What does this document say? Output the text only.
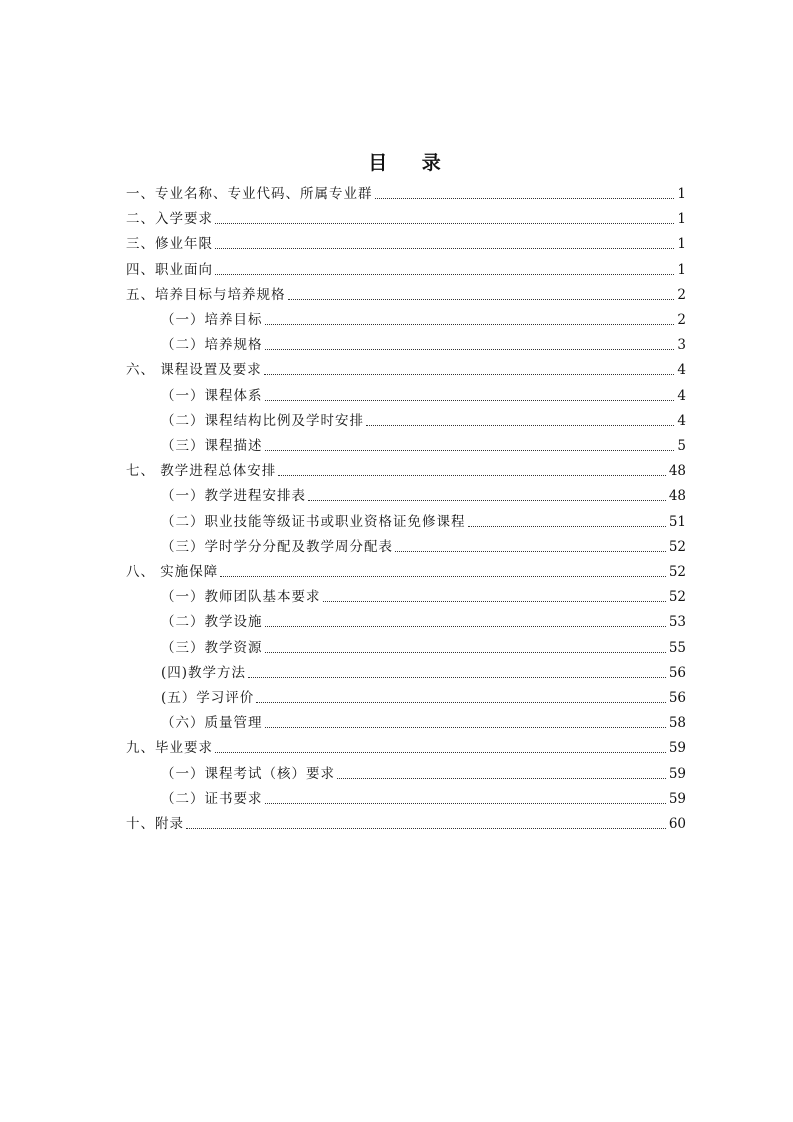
目 录
一、专业名称、专业代码、所属专业群	1
二、入学要求	1
三、修业年限	1
四、职业面向	1
五、培养目标与培养规格	2
（一）培养目标	2
（二）培养规格	3
六、 课程设置及要求	4
（一）课程体系	4
（二）课程结构比例及学时安排	4
（三）课程描述	5
七、 教学进程总体安排	48
（一）教学进程安排表	48
（二）职业技能等级证书或职业资格证免修课程	51
（三）学时学分分配及教学周分配表	52
八、 实施保障	52
（一）教师团队基本要求	52
（二）教学设施	53
（三）教学资源	55
(四)教学方法	56
(五）学习评价	56
（六）质量管理	58
九、毕业要求	59
（一）课程考试（核）要求	59
（二）证书要求	59
十、附录	60
